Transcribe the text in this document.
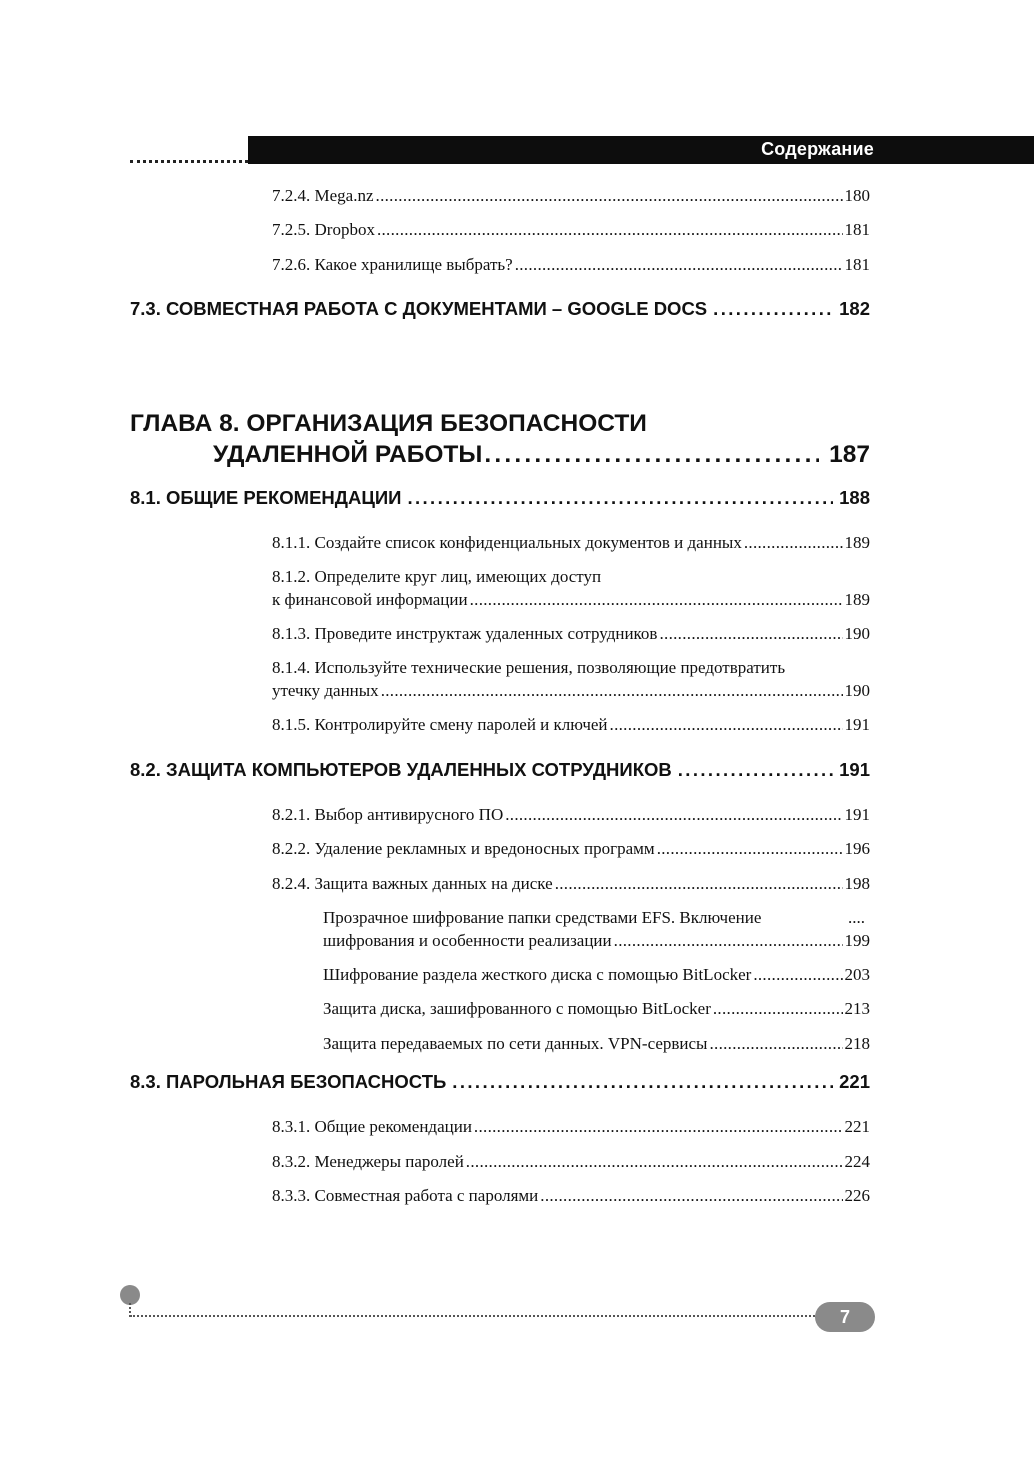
Содержание
7.2.4. Mega.nz .....	180
7.2.5. Dropbox .....	181
7.2.6. Какое хранилище выбрать? .....	181
7.3. СОВМЕСТНАЯ РАБОТА С ДОКУМЕНТАМИ – GOOGLE DOCS .....	182
ГЛАВА 8. ОРГАНИЗАЦИЯ БЕЗОПАСНОСТИ
УДАЛЕННОЙ РАБОТЫ .....	187
8.1. ОБЩИЕ РЕКОМЕНДАЦИИ .....	188
8.1.1. Создайте список конфиденциальных документов и данных .....	189
8.1.2. Определите круг лиц, имеющих доступ
к финансовой информации .....	189
8.1.3. Проведите инструктаж удаленных сотрудников .....	190
8.1.4. Используйте технические решения, позволяющие предотвратить
утечку данных .....	190
8.1.5. Контролируйте смену паролей и ключей .....	191
8.2. ЗАЩИТА КОМПЬЮТЕРОВ УДАЛЕННЫХ СОТРУДНИКОВ .....	191
8.2.1. Выбор антивирусного ПО .....	191
8.2.2. Удаление рекламных и вредоносных программ .....	196
8.2.4. Защита важных данных на диске .....	198
Прозрачное шифрование папки средствами EFS. Включение	....
шифрования и особенности реализации .....	199
Шифрование раздела жесткого диска с помощью BitLocker .....	203
Защита диска, зашифрованного с помощью BitLocker .....	213
Защита передаваемых по сети данных. VPN-сервисы .....	218
8.3. ПАРОЛЬНАЯ БЕЗОПАСНОСТЬ .....	221
8.3.1. Общие рекомендации .....	221
8.3.2. Менеджеры паролей .....	224
8.3.3. Совместная работа с паролями .....	226
7
